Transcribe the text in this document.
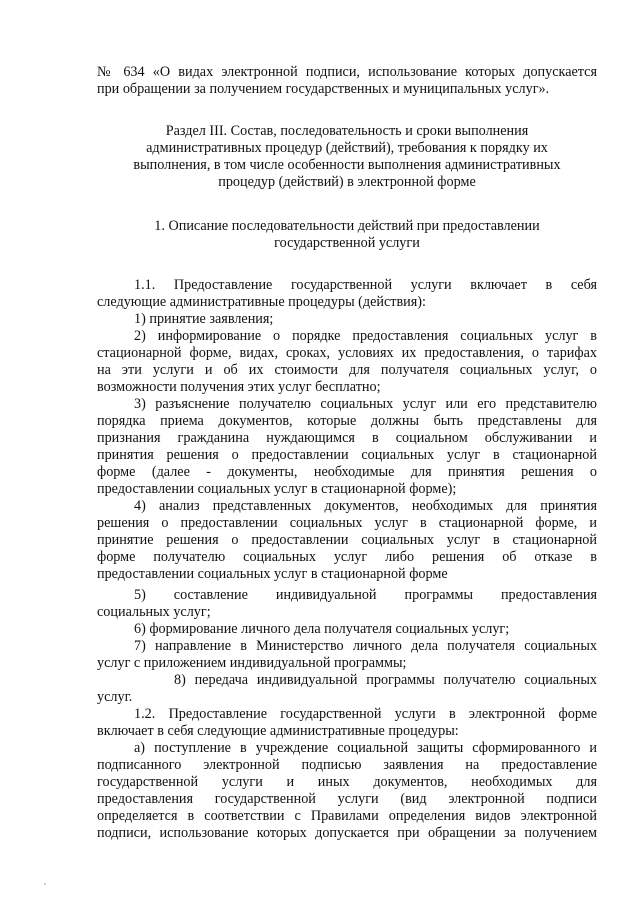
№ 634 «О видах электронной подписи, использование которых допускается
при обращении за получением государственных и муниципальных услуг».
Раздел III. Состав, последовательность и сроки выполнения
административных процедур (действий), требования к порядку их
выполнения, в том числе особенности выполнения административных
процедур (действий) в электронной форме
1. Описание последовательности действий при предоставлении
государственной услуги
1.1. Предоставление государственной услуги включает в себя
следующие административные процедуры (действия):
1) принятие заявления;
2) информирование о порядке предоставления социальных услуг в
стационарной форме, видах, сроках, условиях их предоставления, о тарифах
на эти услуги и об их стоимости для получателя социальных услуг, о
возможности получения этих услуг бесплатно;
3) разъяснение получателю социальных услуг или его представителю
порядка приема документов, которые должны быть представлены для
признания гражданина нуждающимся в социальном обслуживании и
принятия решения о предоставлении социальных услуг в стационарной
форме (далее - документы, необходимые для принятия решения о
предоставлении социальных услуг в стационарной форме);
4) анализ представленных документов, необходимых для принятия
решения о предоставлении социальных услуг в стационарной форме, и
принятие решения о предоставлении социальных услуг в стационарной
форме получателю социальных услуг либо решения об отказе в
предоставлении социальных услуг в стационарной форме
5) составление индивидуальной программы предоставления
социальных услуг;
6) формирование личного дела получателя социальных услуг;
7) направление в Министерство личного дела получателя социальных
услуг с приложением индивидуальной программы;
8) передача индивидуальной программы получателю социальных
услуг.
1.2. Предоставление государственной услуги в электронной форме
включает в себя следующие административные процедуры:
а) поступление в учреждение социальной защиты сформированного и
подписанного электронной подписью заявления на предоставление
государственной услуги и иных документов, необходимых для
предоставления государственной услуги (вид электронной подписи
определяется в соответствии с Правилами определения видов электронной
подписи, использование которых допускается при обращении за получением
